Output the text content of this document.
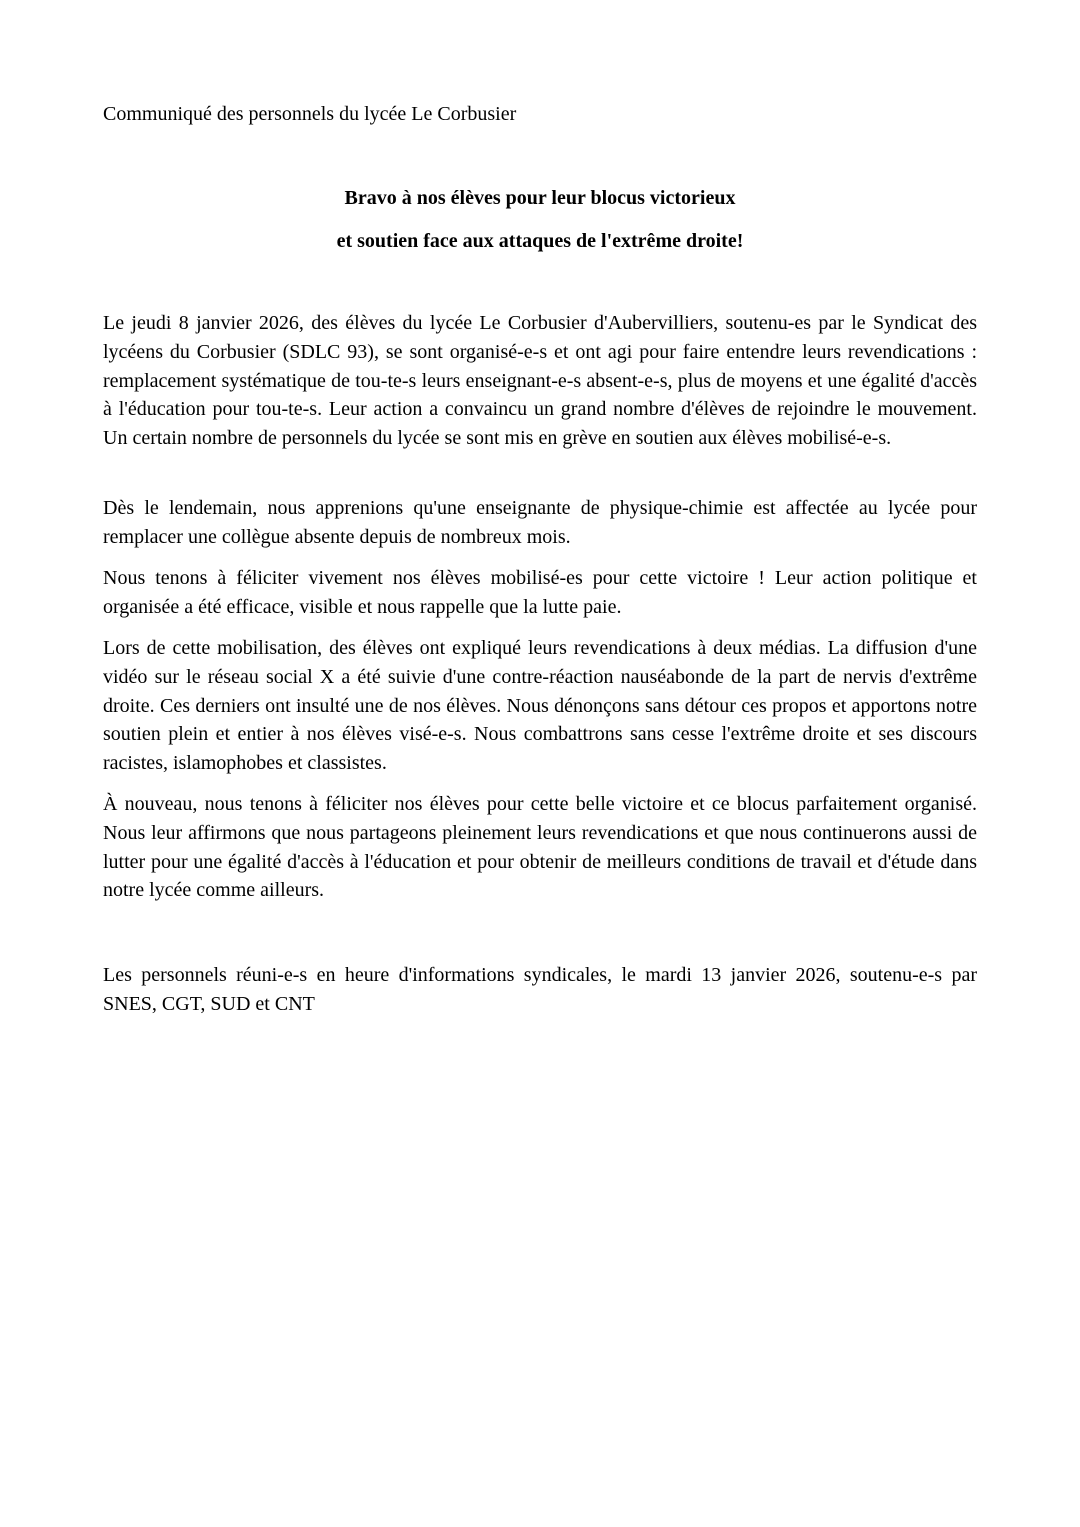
Communiqué des personnels du lycée Le Corbusier

Bravo à nos élèves pour leur blocus victorieux

et soutien face aux attaques de l'extrême droite!

Le jeudi 8 janvier 2026, des élèves du lycée Le Corbusier d'Aubervilliers, soutenu-es par le Syndicat des lycéens du Corbusier (SDLC 93), se sont organisé-e-s et ont agi pour faire entendre leurs revendications : remplacement systématique de tou-te-s leurs enseignant-e-s absent-e-s, plus de moyens et une égalité d'accès à l'éducation pour tou-te-s. Leur action a convaincu un grand nombre d'élèves de rejoindre le mouvement. Un certain nombre de personnels du lycée se sont mis en grève en soutien aux élèves mobilisé-e-s.

Dès le lendemain, nous apprenions qu'une enseignante de physique-chimie est affectée au lycée pour remplacer une collègue absente depuis de nombreux mois.

Nous tenons à féliciter vivement nos élèves mobilisé-es pour cette victoire ! Leur action politique et organisée a été efficace, visible et nous rappelle que la lutte paie.

Lors de cette mobilisation, des élèves ont expliqué leurs revendications à deux médias. La diffusion d'une vidéo sur le réseau social X a été suivie d'une contre-réaction nauséabonde de la part de nervis d'extrême droite. Ces derniers ont insulté une de nos élèves. Nous dénonçons sans détour ces propos et apportons notre soutien plein et entier à nos élèves visé-e-s. Nous combattrons sans cesse l'extrême droite et ses discours racistes, islamophobes et classistes.

À nouveau, nous tenons à féliciter nos élèves pour cette belle victoire et ce blocus parfaitement organisé. Nous leur affirmons que nous partageons pleinement leurs revendications et que nous continuerons aussi de lutter pour une égalité d'accès à l'éducation et pour obtenir de meilleurs conditions de travail et d'étude dans notre lycée comme ailleurs.

Les personnels réuni-e-s en heure d'informations syndicales, le mardi 13 janvier 2026, soutenu-e-s par SNES, CGT, SUD et CNT
